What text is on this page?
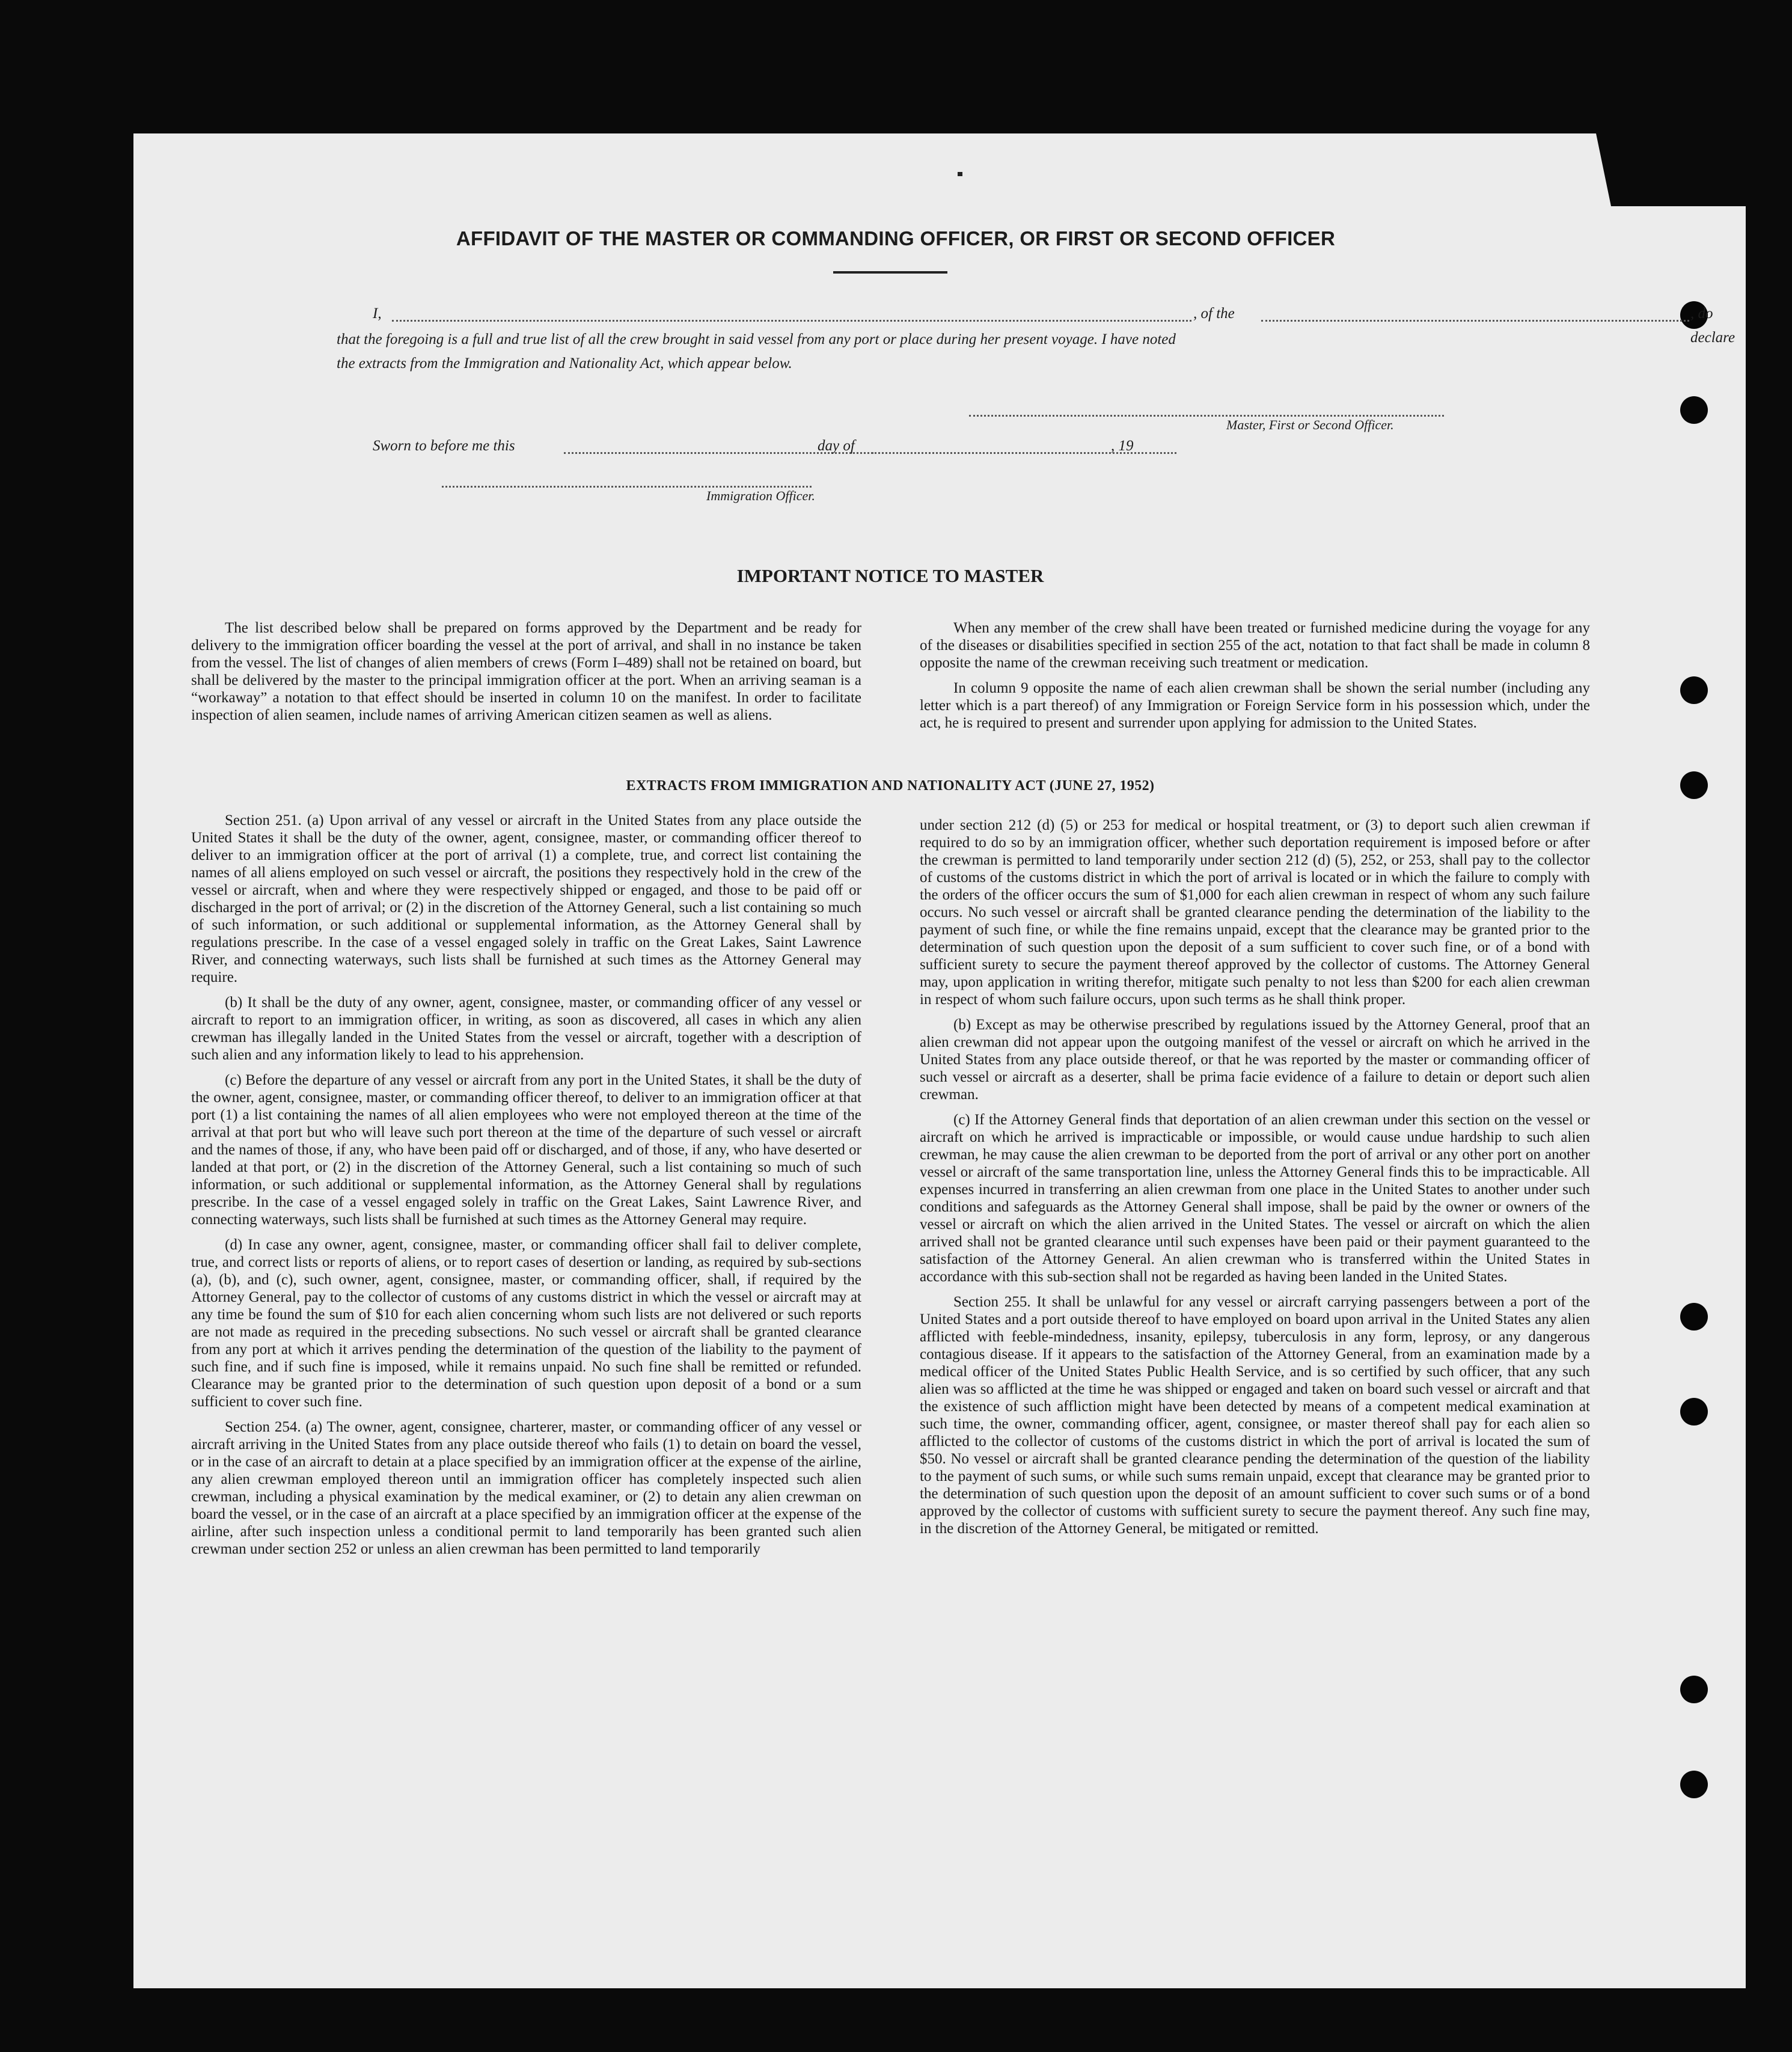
AFFIDAVIT OF THE MASTER OR COMMANDING OFFICER, OR FIRST OR SECOND OFFICER
I,	, of the	, do declare
that the foregoing is a full and true list of all the crew brought in said vessel from any port or place during her present voyage. I have noted
the extracts from the Immigration and Nationality Act, which appear below.
Master, First or Second Officer.
Sworn to before me this	day of	, 19
Immigration Officer.
IMPORTANT NOTICE TO MASTER

The list described below shall be prepared on forms approved by the Department and be ready for delivery to the immigration officer boarding the vessel at the port of arrival, and shall in no instance be taken from the vessel. The list of changes of alien members of crews (Form I–489) shall not be retained on board, but shall be delivered by the master to the principal immigration officer at the port. When an arriving seaman is a “workaway” a notation to that effect should be inserted in column 10 on the manifest. In order to facilitate inspection of alien seamen, include names of arriving American citizen seamen as well as aliens.

When any member of the crew shall have been treated or furnished medicine during the voyage for any of the diseases or disabilities specified in section 255 of the act, notation to that fact shall be made in column 8 opposite the name of the crewman receiving such treatment or medication.

In column 9 opposite the name of each alien crewman shall be shown the serial number (including any letter which is a part thereof) of any Immigration or Foreign Service form in his possession which, under the act, he is required to present and surrender upon applying for admission to the United States.

EXTRACTS FROM IMMIGRATION AND NATIONALITY ACT (JUNE 27, 1952)

Section 251. (a) Upon arrival of any vessel or aircraft in the United States from any place outside the United States it shall be the duty of the owner, agent, consignee, master, or commanding officer thereof to deliver to an immigration officer at the port of arrival (1) a complete, true, and correct list containing the names of all aliens employed on such vessel or aircraft, the positions they respectively hold in the crew of the vessel or aircraft, when and where they were respectively shipped or engaged, and those to be paid off or discharged in the port of arrival; or (2) in the discretion of the Attorney General, such a list containing so much of such information, or such additional or supplemental information, as the Attorney General shall by regulations prescribe. In the case of a vessel engaged solely in traffic on the Great Lakes, Saint Lawrence River, and connecting waterways, such lists shall be furnished at such times as the Attorney General may require.

(b) It shall be the duty of any owner, agent, consignee, master, or commanding officer of any vessel or aircraft to report to an immigration officer, in writing, as soon as discovered, all cases in which any alien crewman has illegally landed in the United States from the vessel or aircraft, together with a description of such alien and any information likely to lead to his apprehension.

(c) Before the departure of any vessel or aircraft from any port in the United States, it shall be the duty of the owner, agent, consignee, master, or commanding officer thereof, to deliver to an immigration officer at that port (1) a list containing the names of all alien employees who were not employed thereon at the time of the arrival at that port but who will leave such port thereon at the time of the departure of such vessel or aircraft and the names of those, if any, who have been paid off or discharged, and of those, if any, who have deserted or landed at that port, or (2) in the discretion of the Attorney General, such a list containing so much of such information, or such additional or supplemental information, as the Attorney General shall by regulations prescribe. In the case of a vessel engaged solely in traffic on the Great Lakes, Saint Lawrence River, and connecting waterways, such lists shall be furnished at such times as the Attorney General may require.

(d) In case any owner, agent, consignee, master, or commanding officer shall fail to deliver complete, true, and correct lists or reports of aliens, or to report cases of desertion or landing, as required by sub-sections (a), (b), and (c), such owner, agent, consignee, master, or commanding officer, shall, if required by the Attorney General, pay to the collector of customs of any customs district in which the vessel or aircraft may at any time be found the sum of $10 for each alien concerning whom such lists are not delivered or such reports are not made as required in the preceding subsections. No such vessel or aircraft shall be granted clearance from any port at which it arrives pending the determination of the question of the liability to the payment of such fine, and if such fine is imposed, while it remains unpaid. No such fine shall be remitted or refunded. Clearance may be granted prior to the determination of such question upon deposit of a bond or a sum sufficient to cover such fine.

Section 254. (a) The owner, agent, consignee, charterer, master, or commanding officer of any vessel or aircraft arriving in the United States from any place outside thereof who fails (1) to detain on board the vessel, or in the case of an aircraft to detain at a place specified by an immigration officer at the expense of the airline, any alien crewman employed thereon until an immigration officer has completely inspected such alien crewman, including a physical examination by the medical examiner, or (2) to detain any alien crewman on board the vessel, or in the case of an aircraft at a place specified by an immigration officer at the expense of the airline, after such inspection unless a conditional permit to land temporarily has been granted such alien crewman under section 252 or unless an alien crewman has been permitted to land temporarily

under section 212 (d) (5) or 253 for medical or hospital treatment, or (3) to deport such alien crewman if required to do so by an immigration officer, whether such deportation requirement is imposed before or after the crewman is permitted to land temporarily under section 212 (d) (5), 252, or 253, shall pay to the collector of customs of the customs district in which the port of arrival is located or in which the failure to comply with the orders of the officer occurs the sum of $1,000 for each alien crewman in respect of whom any such failure occurs. No such vessel or aircraft shall be granted clearance pending the determination of the liability to the payment of such fine, or while the fine remains unpaid, except that the clearance may be granted prior to the determination of such question upon the deposit of a sum sufficient to cover such fine, or of a bond with sufficient surety to secure the payment thereof approved by the collector of customs. The Attorney General may, upon application in writing therefor, mitigate such penalty to not less than $200 for each alien crewman in respect of whom such failure occurs, upon such terms as he shall think proper.

(b) Except as may be otherwise prescribed by regulations issued by the Attorney General, proof that an alien crewman did not appear upon the outgoing manifest of the vessel or aircraft on which he arrived in the United States from any place outside thereof, or that he was reported by the master or commanding officer of such vessel or aircraft as a deserter, shall be prima facie evidence of a failure to detain or deport such alien crewman.

(c) If the Attorney General finds that deportation of an alien crewman under this section on the vessel or aircraft on which he arrived is impracticable or impossible, or would cause undue hardship to such alien crewman, he may cause the alien crewman to be deported from the port of arrival or any other port on another vessel or aircraft of the same transportation line, unless the Attorney General finds this to be impracticable. All expenses incurred in transferring an alien crewman from one place in the United States to another under such conditions and safeguards as the Attorney General shall impose, shall be paid by the owner or owners of the vessel or aircraft on which the alien arrived in the United States. The vessel or aircraft on which the alien arrived shall not be granted clearance until such expenses have been paid or their payment guaranteed to the satisfaction of the Attorney General. An alien crewman who is transferred within the United States in accordance with this sub-section shall not be regarded as having been landed in the United States.

Section 255. It shall be unlawful for any vessel or aircraft carrying passengers between a port of the United States and a port outside thereof to have employed on board upon arrival in the United States any alien afflicted with feeble-mindedness, insanity, epilepsy, tuberculosis in any form, leprosy, or any dangerous contagious disease. If it appears to the satisfaction of the Attorney General, from an examination made by a medical officer of the United States Public Health Service, and is so certified by such officer, that any such alien was so afflicted at the time he was shipped or engaged and taken on board such vessel or aircraft and that the existence of such affliction might have been detected by means of a competent medical examination at such time, the owner, commanding officer, agent, consignee, or master thereof shall pay for each alien so afflicted to the collector of customs of the customs district in which the port of arrival is located the sum of $50. No vessel or aircraft shall be granted clearance pending the determination of the question of the liability to the payment of such sums, or while such sums remain unpaid, except that clearance may be granted prior to the determination of such question upon the deposit of an amount sufficient to cover such sums or of a bond approved by the collector of customs with sufficient surety to secure the payment thereof. Any such fine may, in the discretion of the Attorney General, be mitigated or remitted.
